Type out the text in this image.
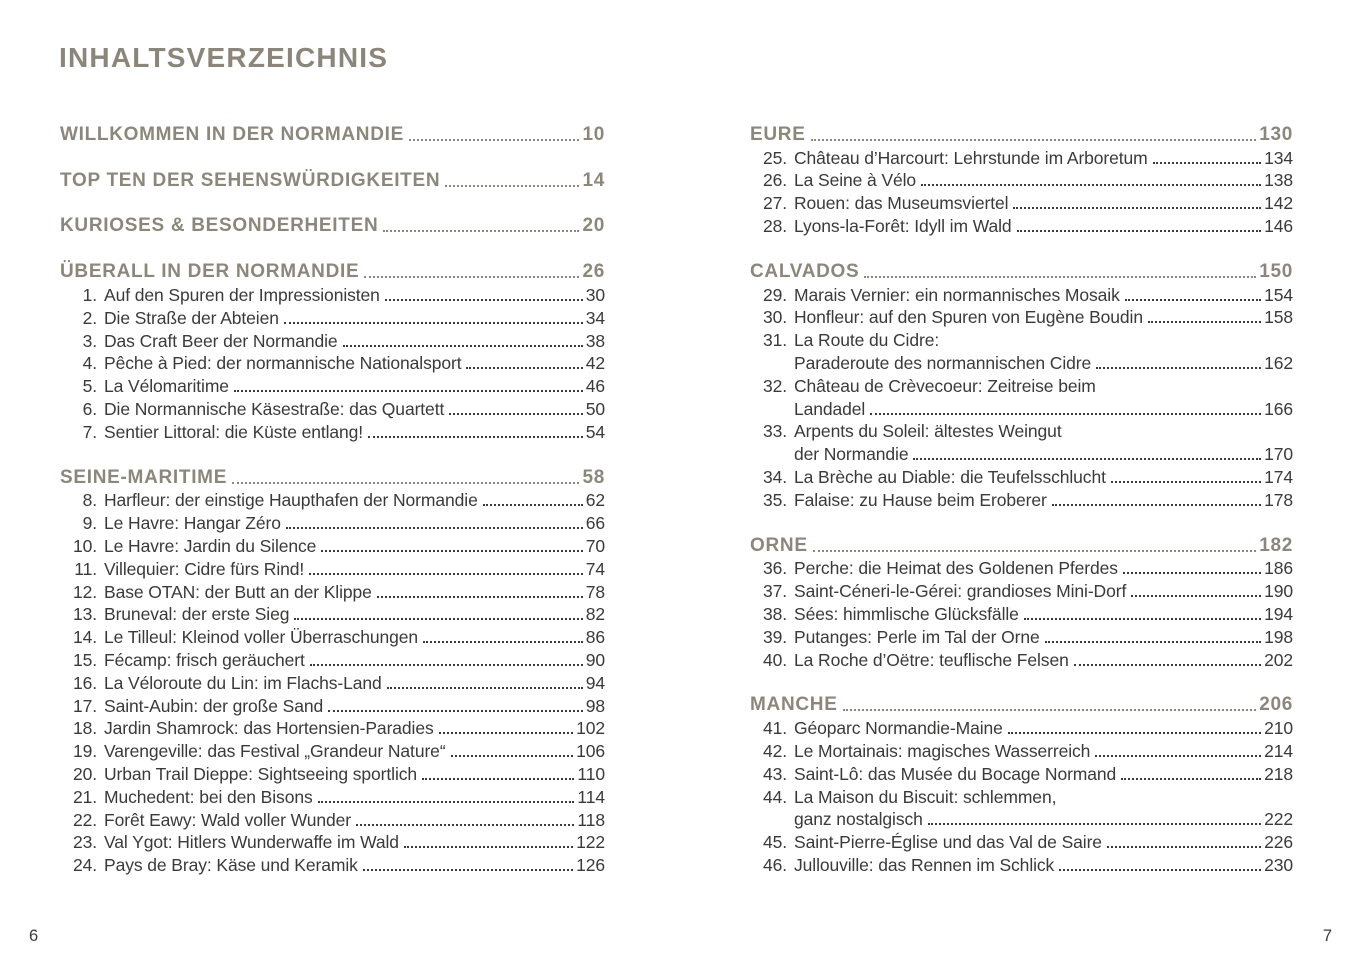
INHALTSVERZEICHNIS
WILLKOMMEN IN DER NORMANDIE	10
TOP TEN DER SEHENSWÜRDIGKEITEN	14
KURIOSES & BESONDERHEITEN	20
ÜBERALL IN DER NORMANDIE	26
1. Auf den Spuren der Impressionisten	30
2. Die Straße der Abteien	34
3. Das Craft Beer der Normandie	38
4. Pêche à Pied: der normannische Nationalsport	42
5. La Vélomaritime	46
6. Die Normannische Käsestraße: das Quartett	50
7. Sentier Littoral: die Küste entlang!	54
SEINE-MARITIME	58
8. Harfleur: der einstige Haupthafen der Normandie	62
9. Le Havre: Hangar Zéro	66
10. Le Havre: Jardin du Silence	70
11. Villequier: Cidre fürs Rind!	74
12. Base OTAN: der Butt an der Klippe	78
13. Bruneval: der erste Sieg	82
14. Le Tilleul: Kleinod voller Überraschungen	86
15. Fécamp: frisch geräuchert	90
16. La Véloroute du Lin: im Flachs-Land	94
17. Saint-Aubin: der große Sand	98
18. Jardin Shamrock: das Hortensien-Paradies	102
19. Varengeville: das Festival „Grandeur Nature“	106
20. Urban Trail Dieppe: Sightseeing sportlich	110
21. Muchedent: bei den Bisons	114
22. Forêt Eawy: Wald voller Wunder	118
23. Val Ygot: Hitlers Wunderwaffe im Wald	122
24. Pays de Bray: Käse und Keramik	126
EURE	130
25. Château d’Harcourt: Lehrstunde im Arboretum	134
26. La Seine à Vélo	138
27. Rouen: das Museumsviertel	142
28. Lyons-la-Forêt: Idyll im Wald	146
CALVADOS	150
29. Marais Vernier: ein normannisches Mosaik	154
30. Honfleur: auf den Spuren von Eugène Boudin	158
31. La Route du Cidre:
Paraderoute des normannischen Cidre	162
32. Château de Crèvecoeur: Zeitreise beim
Landadel	166
33. Arpents du Soleil: ältestes Weingut
der Normandie	170
34. La Brèche au Diable: die Teufelsschlucht	174
35. Falaise: zu Hause beim Eroberer	178
ORNE	182
36. Perche: die Heimat des Goldenen Pferdes	186
37. Saint-Céneri-le-Gérei: grandioses Mini-Dorf	190
38. Sées: himmlische Glücksfälle	194
39. Putanges: Perle im Tal der Orne	198
40. La Roche d’Oëtre: teuflische Felsen	202
MANCHE	206
41. Géoparc Normandie-Maine	210
42. Le Mortainais: magisches Wasserreich	214
43. Saint-Lô: das Musée du Bocage Normand	218
44. La Maison du Biscuit: schlemmen,
ganz nostalgisch	222
45. Saint-Pierre-Église und das Val de Saire	226
46. Jullouville: das Rennen im Schlick	230
6	7
